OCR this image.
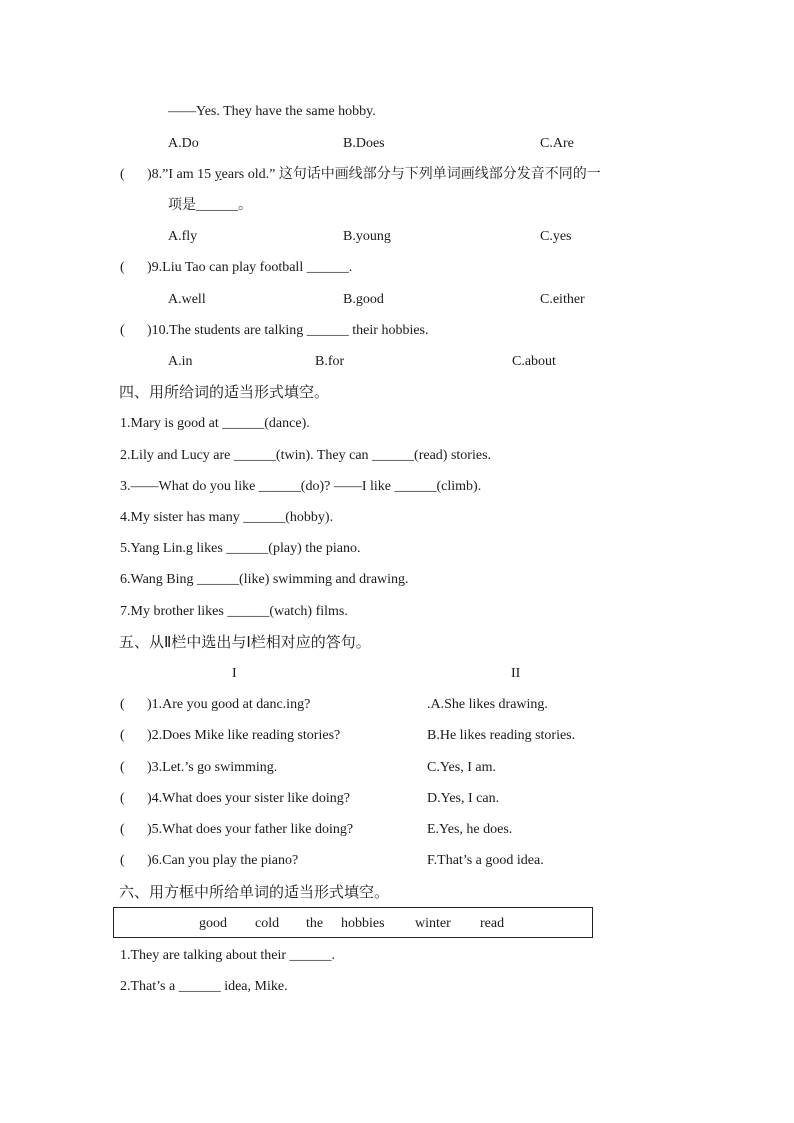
——Yes. They have the same hobby.
A.Do	B.Does	C.Are
( )8.”I am 15 years old.” 这句话中画线部分与下列单词画线部分发音不同的一
项是______。
A.fly	B.young	C.yes
( )9.Liu Tao can play football ______.
A.well	B.good	C.either
( )10.The students are talking ______ their hobbies.
A.in	B.for	C.about
四、用所给词的适当形式填空。
1.Mary is good at ______(dance).
2.Lily and Lucy are ______(twin). They can ______(read) stories.
3.——What do you like ______(do)? ——I like ______(climb).
4.My sister has many ______(hobby).
5.Yang Lin.g likes ______(play) the piano.
6.Wang Bing ______(like) swimming and drawing.
7.My brother likes ______(watch) films.
五、从Ⅱ栏中选出与Ⅰ栏相对应的答句。
I	II
( )1.Are you good at danc.ing?	.A.She likes drawing.
( )2.Does Mike like reading stories?	B.He likes reading stories.
( )3.Let.’s go swimming.	C.Yes, I am.
( )4.What does your sister like doing?	D.Yes, I can.
( )5.What does your father like doing?	E.Yes, he does.
( )6.Can you play the piano?	F.That’s a good idea.
六、用方框中所给单词的适当形式填空。
good cold the hobbies winter read
1.They are talking about their ______.
2.That’s a ______ idea, Mike.
